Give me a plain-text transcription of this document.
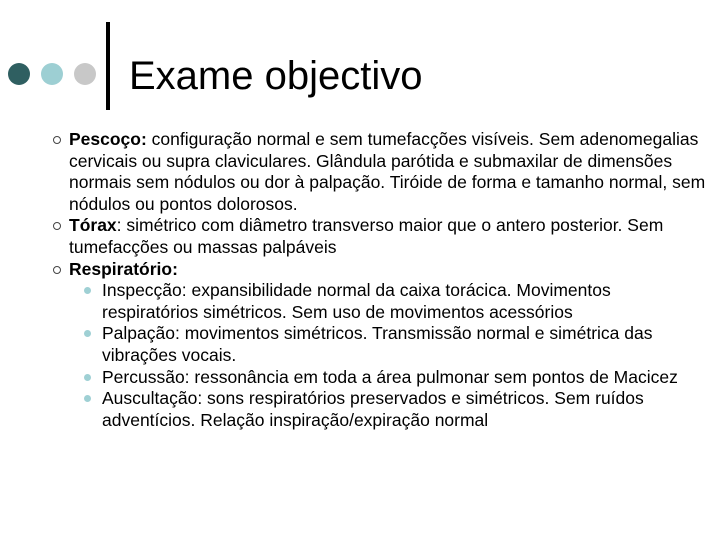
Exame objectivo
Pescoço: configuração normal e sem tumefacções visíveis. Sem adenomegalias cervicais ou supra claviculares. Glândula parótida e submaxilar de dimensões normais sem nódulos ou dor à palpação. Tiróide de forma e tamanho normal, sem nódulos ou pontos dolorosos.
Tórax: simétrico com diâmetro transverso maior que o antero posterior. Sem tumefacções ou massas palpáveis
Respiratório:
Inspecção: expansibilidade normal da caixa torácica. Movimentos respiratórios simétricos. Sem uso de movimentos acessórios
Palpação: movimentos simétricos. Transmissão normal e simétrica das vibrações vocais.
Percussão: ressonância em toda a área pulmonar sem pontos de Macicez
Auscultação: sons respiratórios preservados e simétricos. Sem ruídos adventícios. Relação inspiração/expiração normal
